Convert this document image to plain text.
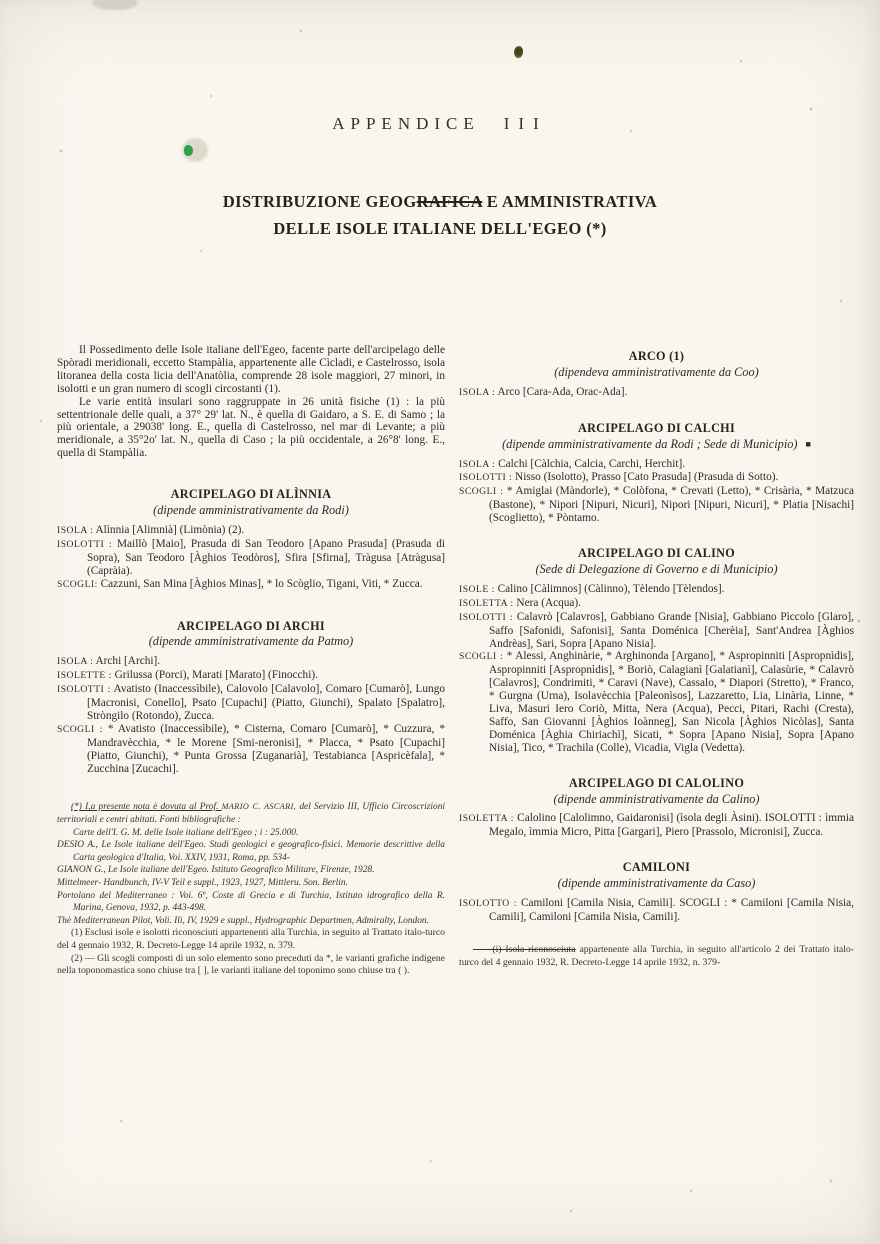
APPENDICE III
DISTRIBUZIONE GEOGRAFICA E AMMINISTRATIVA
DELLE ISOLE ITALIANE DELL'EGEO (*)

Il Possedimento delle Isole italiane dell'Egeo, facente parte dell'arcipelago delle Spòradi meridionali, eccetto Stampàlia, appartenente alle Cìcladi, e Castelrosso, isola litoranea della costa licia dell'Anatòlia, comprende 28 isole maggiori, 27 minori, in isolotti e un gran numero di scogli circostanti (1).

Le varie entità insulari sono raggruppate in 26 unità fisiche (1) : la più settentrionale delle quali, a 37° 29' lat. N., è quella di Gaidaro, a S. E. di Samo ; la più orientale, a 29038' long. E., quella di Castelrosso, nel mar di Levante; a più meridionale, a 35°2o' lat. N., quella di Caso ; la più occidentale, a 26°8' long. E., quella di Stampàlia.

ARCIPELAGO DI ALÌNNIA
(dipende amministrativamente da Rodi)

ISOLA : Alìnnia [Alimnià] (Limònia) (2).

ISOLOTTI : Maillò [Maio], Prasuda di San Teodoro [Apano Prasuda] (Prasuda di Sopra), San Teodoro [Àghios Teodòros], Sfira [Sfirna], Tràgusa [Atràgusa] (Capràia).

SCOGLI: Cazzuni, San Mina [Àghios Minas], * lo Scòglio, Tigani, Viti, * Zucca.

ARCIPELAGO DI ARCHI
(dipende amministrativamente da Patmo)

ISOLA : Archi [Archi].

ISOLETTE : Grilussa (Porci), Marati [Marato] (Finocchi).

ISOLOTTI : Avatisto (Inaccessìbile), Calovolo [Calavolo], Comaro [Cumarò], Lungo [Macronisi, Conello], Psato [Cupachi] (Piatto, Giunchi), Spalato [Spalatro], Stròngilo (Rotondo), Zucca.

SCOGLI : * Avatisto (Inaccessìbile), * Cisterna, Comaro [Cumarò], * Cuzzura, * Mandravècchia, * le Morene [Smi-neronisi], * Placca, * Psato [Cupachi] (Piatto, Giunchi), * Punta Grossa [Zuganarià], Testabianca [Aspricèfala], * Zucchina [Zucachi].

(*) I,a presente nota è dovuta al Prof. MARIO C. ASCARI, del Servizio III, Ufficio Circoscrizioni territoriali e centri abitati. Fonti bibliografiche :

Carte dell'I. G. M. delle Isole italiane dell'Egeo ; i : 25.000.

DESIO A., Le Isole italiane dell'Egeo. Studi geologici e geografico-fisici. Memorie descrittive della Carta geologica d'Italia, Voi. XXIV, 1931, Roma, pp. 534-

GIANON G., Le Isole italiane dell'Egeo. Istituto Geografico Militare, Firenze, 1928.

Mittelmeer- Handbunch, IV-V Teil e suppl., 1923, 1927, Mittleru. Son. Berlin.

Portolano del Mediterraneo : Voi. 6º, Coste di Grecia e di Turchia, Istituto idrografico della R. Marina, Genova, 1932, p. 443-498.

Thè Mediterranean Pilot, Voli. Ili, IV, 1929 e suppl., Hydrographic Departmen, Admiralty, London.

(1) Esclusi isole e isolotti riconosciuti appartenenti alla Turchia, in seguito al Trattato italo-turco del 4 gennaio 1932, R. Decreto-Legge 14 aprile 1932, n. 379.

(2) — Gli scogli composti di un solo elemento sono preceduti da *, le varianti grafiche indigene nella toponomastica sono chiuse tra [ ], le varianti italiane del toponimo sono chiuse tra ( ).

ARCO (1)
(dipendeva amministrativamente da Coo)

ISOLA : Arco [Cara-Ada, Orac-Ada].

ARCIPELAGO DI CALCHI
(dipende amministrativamente da Rodi ; Sede di Municipio) ■

ISOLA : Calchi [Càlchia, Calcia, Carchi, Herchit].

ISOLOTTI : Nisso (Isolotto), Prasso [Cato Prasuda] (Prasuda di Sotto).

SCOGLI : * Amiglai (Màndorle), * Colòfona, * Crevati (Letto), * Crisària, * Matzuca (Bastone), * Nipori [Nipuri, Nicuri], Nipori [Nipuri, Nicuri], * Platia [Nisachi] (Scoglietto), * Pòntamo.

ARCIPELAGO DI CALINO
(Sede di Delegazione di Governo e di Municipio)

ISOLE : Calino [Càlimnos] (Càlinno), Tèlendo [Tèlendos].

ISOLETTA : Nera (Acqua).

ISOLOTTI : Calavrò [Calavros], Gabbiano Grande [Nisia], Gabbiano Pìccolo [Glaro], Saffo [Safonidi, Safonisi], Santa Doménica [Cherèia], Sant'Andrea [Àghios Andrèas], Sari, Sopra [Apano Nisia].

SCOGLI : * Alessi, Anghinàrie, * Arghinonda [Argano], * Aspropinniti [Aspropnìdis], Aspropinniti [Aspropnìdis], * Boriò, Calagianì [Galatianì], Calasùrie, * Calavrò [Calavros], Condrimiti, * Caravi (Nave), Cassalo, * Diapori (Stretto), * Franco, * Gurgna (Urna), Isolavècchia [Paleonìsos], Lazzaretto, Lia, Linària, Linne, * Liva, Masuri Iero Coriò, Mitta, Nera (Acqua), Pecci, Pitari, Rachi (Cresta), Saffo, San Giovanni [Àghios Ioànneg], San Nicola [Àghios Nicòlas], Santa Doménica [Àghia Chiriachì], Sicati, * Sopra [Apano Nisia], Sopra [Apano Nisia], Tico, * Trachila (Colle), Vicadia, Vigla (Vedetta).

ARCIPELAGO DI CALOLINO
(dipende amministrativamente da Calino)

ISOLETTA : Calolino [Calolimno, Gaidaronisi] (ìsola degli Àsini). ISOLOTTI : ìmmia Megalo, ìmmia Micro, Pitta [Gargari], Piero [Prassolo, Micronisi], Zucca.

CAMILONI
(dipende amministrativamente da Caso)

ISOLOTTO : Camiloni [Camila Nisia, Camili]. SCOGLI : * Camiloni [Camila Nisia, Camili], Camiloni [Camila Nisia, Camili].

——(i) Isola riconosciuta appartenente alla Turchia, in seguito all'articolo 2 dei Trattato italo-turco del 4 gennaio 1932, R. Decreto-Legge 14 aprile 1932, n. 379-
